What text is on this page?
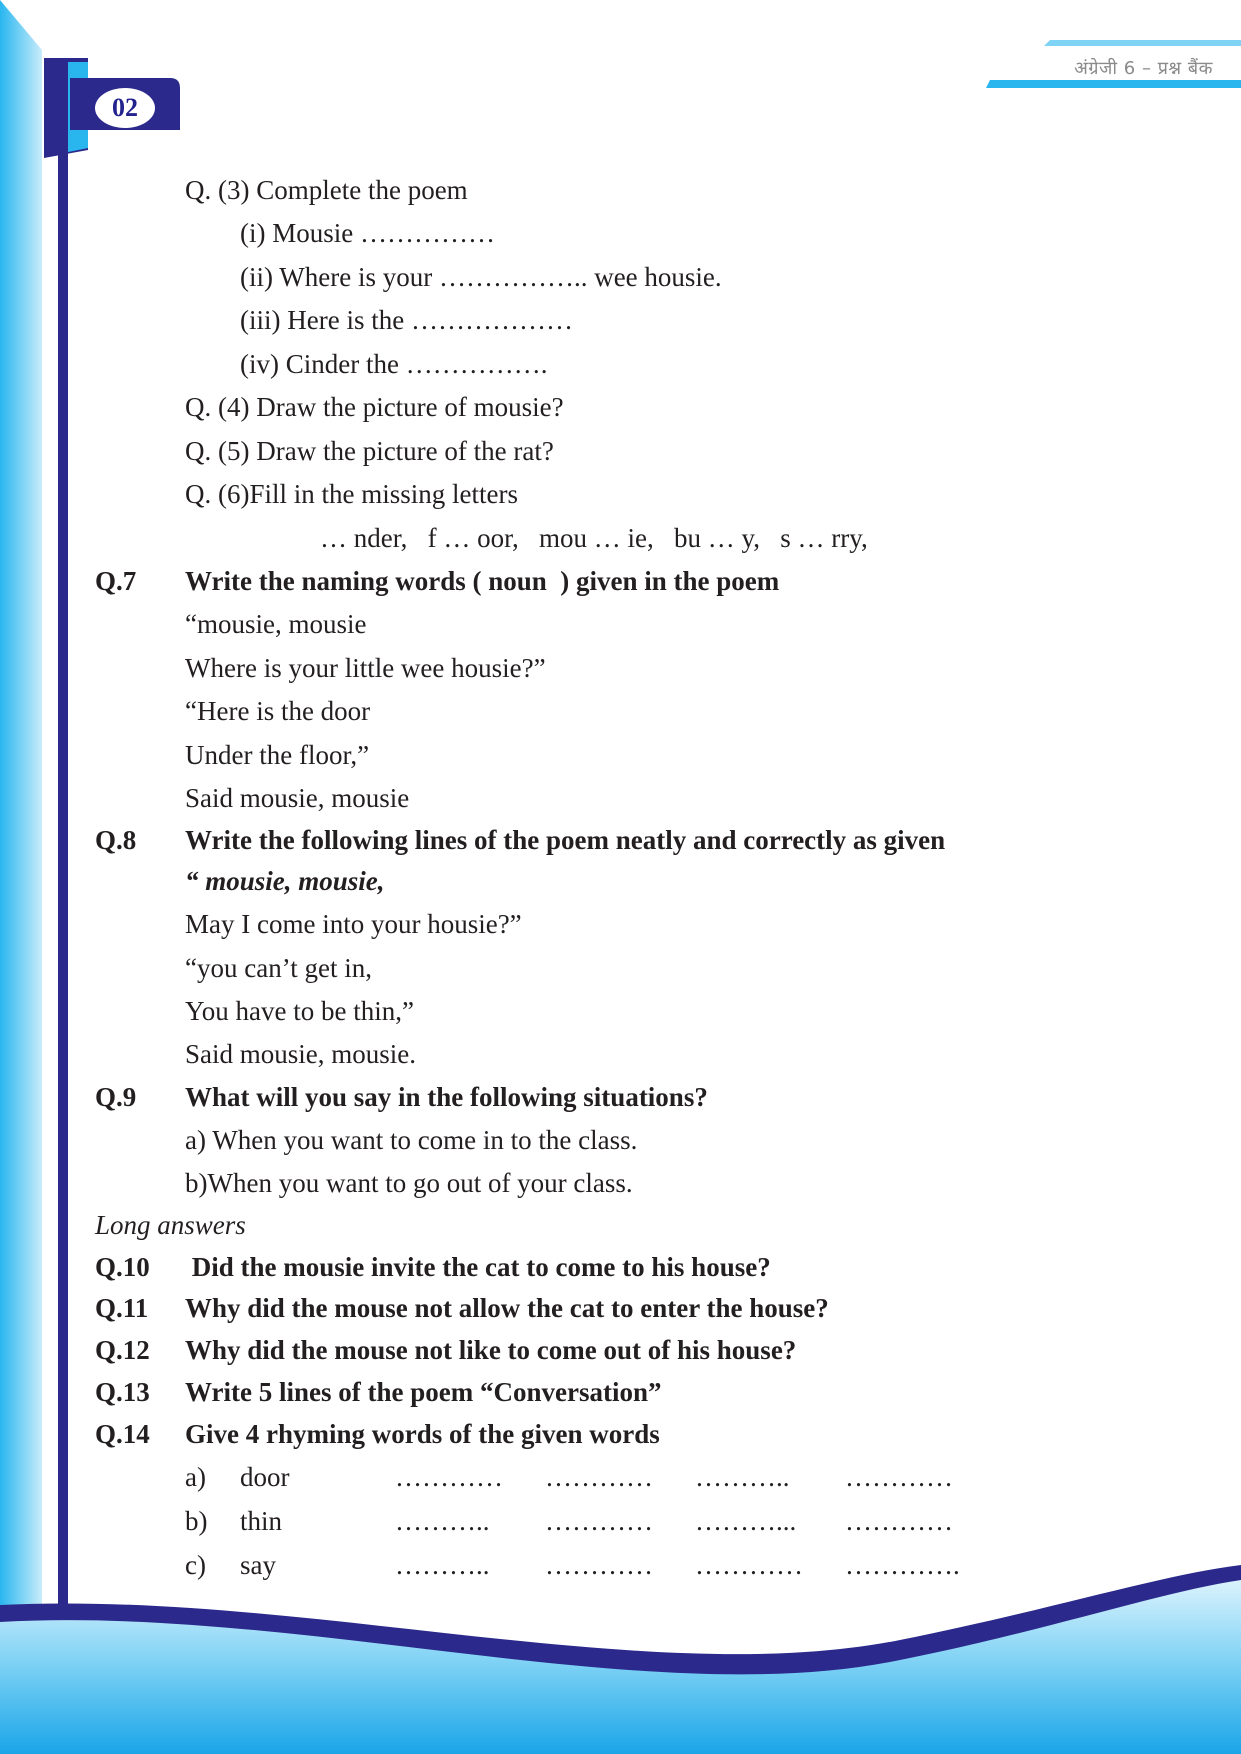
अंग्रेजी 6 – प्रश्न बैंक
02
Q. (3) Complete the poem
(i) Mousie ……………
(ii) Where is your …………….. wee housie.
(iii) Here is the ………………
(iv) Cinder the …………….
Q. (4) Draw the picture of mousie?
Q. (5) Draw the picture of the rat?
Q. (6)Fill in the missing letters
… nder,   f … oor,   mou … ie,   bu … y,   s … rry,
Q.7 Write the naming words ( noun  ) given in the poem
“mousie, mousie
Where is your little wee housie?”
“Here is the door
Under the floor,”
Said mousie, mousie
Q.8 Write the following lines of the poem neatly and correctly as given
“ mousie, mousie,
May I come into your housie?”
“you can’t get in,
You have to be thin,”
Said mousie, mousie.
Q.9 What will you say in the following situations?
a) When you want to come in to the class.
b)When you want to go out of your class.
Long answers
Q.10 Did the mousie invite the cat to come to his house?
Q.11 Why did the mouse not allow the cat to enter the house?
Q.12 Why did the mouse not like to come out of his house?
Q.13 Write 5 lines of the poem “Conversation”
Q.14 Give 4 rhyming words of the given words
a) door	………… ………… ……….. …………
b) thin	……….. ………… ………... …………
c) say	……….. ………… ………… ………….
